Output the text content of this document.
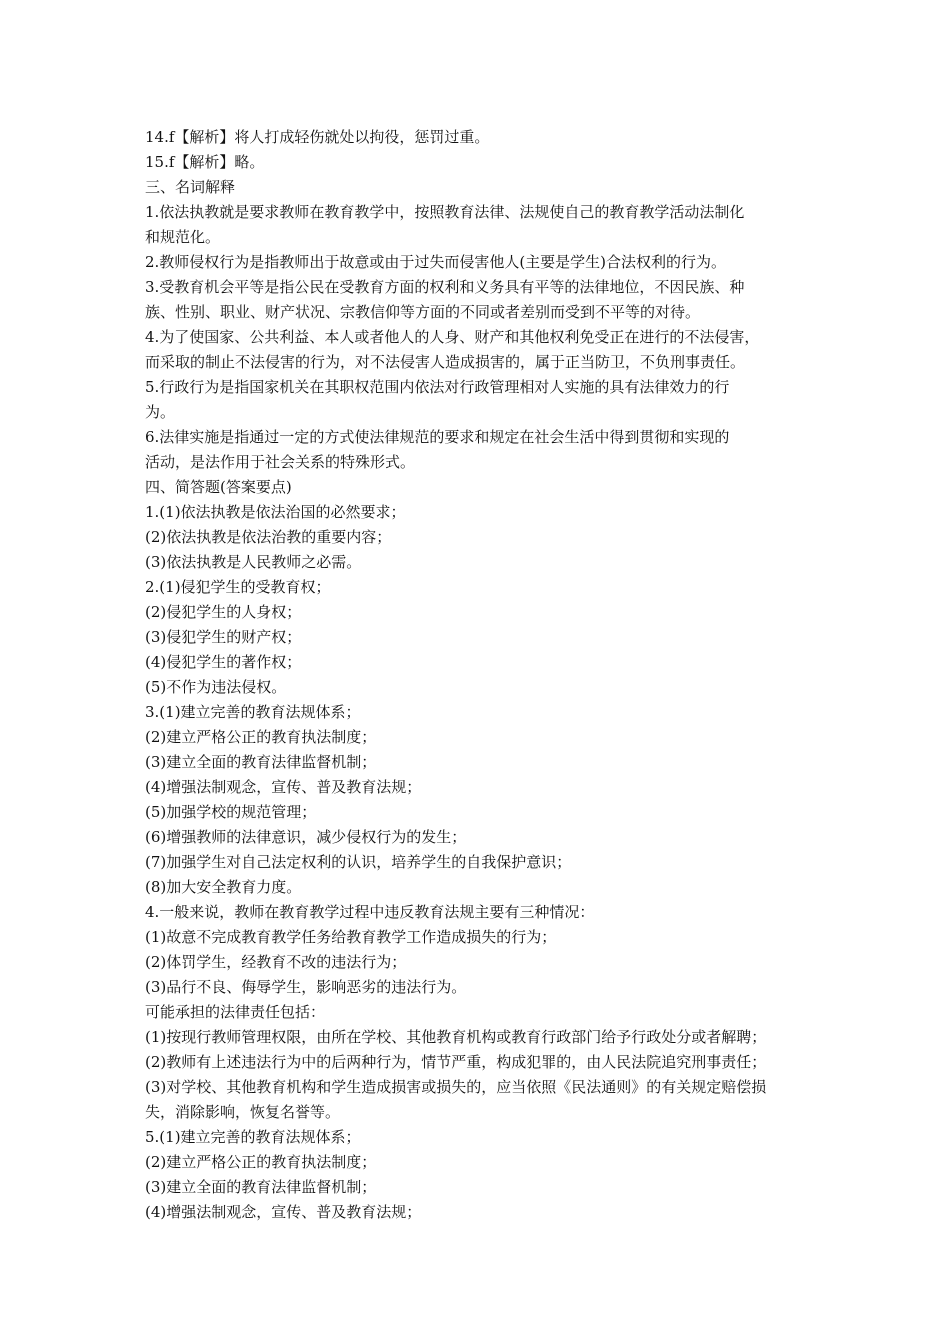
14.f【解析】将人打成轻伤就处以拘役，惩罚过重。
15.f【解析】略。
三、名词解释
1.依法执教就是要求教师在教育教学中，按照教育法律、法规使自己的教育教学活动法制化
和规范化。
2.教师侵权行为是指教师出于故意或由于过失而侵害他人(主要是学生)合法权利的行为。
3.受教育机会平等是指公民在受教育方面的权利和义务具有平等的法律地位，不因民族、种
族、性别、职业、财产状况、宗教信仰等方面的不同或者差别而受到不平等的对待。
4.为了使国家、公共利益、本人或者他人的人身、财产和其他权利免受正在进行的不法侵害，
而采取的制止不法侵害的行为，对不法侵害人造成损害的，属于正当防卫，不负刑事责任。
5.行政行为是指国家机关在其职权范围内依法对行政管理相对人实施的具有法律效力的行
为。
6.法律实施是指通过一定的方式使法律规范的要求和规定在社会生活中得到贯彻和实现的
活动，是法作用于社会关系的特殊形式。
四、简答题(答案要点)
1.(1)依法执教是依法治国的必然要求；
(2)依法执教是依法治教的重要内容；
(3)依法执教是人民教师之必需。
2.(1)侵犯学生的受教育权；
(2)侵犯学生的人身权；
(3)侵犯学生的财产权；
(4)侵犯学生的著作权；
(5)不作为违法侵权。
3.(1)建立完善的教育法规体系；
(2)建立严格公正的教育执法制度；
(3)建立全面的教育法律监督机制；
(4)增强法制观念，宣传、普及教育法规；
(5)加强学校的规范管理；
(6)增强教师的法律意识，减少侵权行为的发生；
(7)加强学生对自己法定权利的认识，培养学生的自我保护意识；
(8)加大安全教育力度。
4.一般来说，教师在教育教学过程中违反教育法规主要有三种情况：
(1)故意不完成教育教学任务给教育教学工作造成损失的行为；
(2)体罚学生，经教育不改的违法行为；
(3)品行不良、侮辱学生，影响恶劣的违法行为。
可能承担的法律责任包括：
(1)按现行教师管理权限，由所在学校、其他教育机构或教育行政部门给予行政处分或者解聘；
(2)教师有上述违法行为中的后两种行为，情节严重，构成犯罪的，由人民法院追究刑事责任；
(3)对学校、其他教育机构和学生造成损害或损失的，应当依照《民法通则》的有关规定赔偿损
失，消除影响，恢复名誉等。
5.(1)建立完善的教育法规体系；
(2)建立严格公正的教育执法制度；
(3)建立全面的教育法律监督机制；
(4)增强法制观念，宣传、普及教育法规；
